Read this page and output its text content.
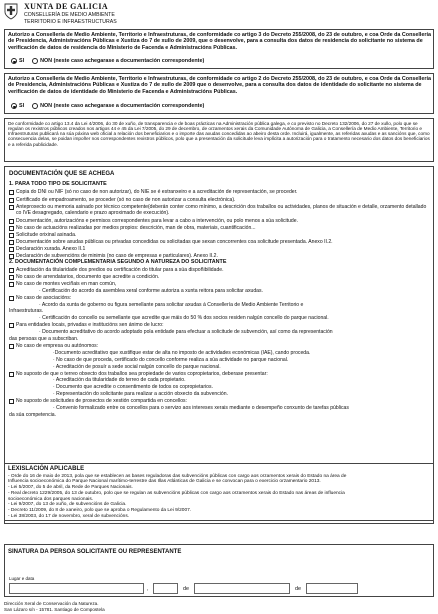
XUNTA DE GALICIA
CONSELLERÍA DE MEDIO AMBIENTE
TERRITORIO E INFRAESTRUCTURAS
Autorizo a Consellería de Medio Ambiente, Territorio e Infraestruturas, de conformidade co artigo 3 do Decreto 255/2008, do 23 de outubro, e coa Orde da Consellería de Presidencia, Administracións Públicas e Xustiza do 7 de xullo de 2009, que o desenvolve, para a consulta dos datos de residencia do solicitante no sistema de verificación de datos de residencia do Ministerio de Facenda e Administracións Públicas.
SI	NON (neste caso achegarase a documentación correspondente)
Autorizo a Consellería de Medio Ambiente, Territorio e Infraestruturas, de conformidade co artigo 2 do Decreto 255/2008, do 23 de outubro, e coa Orde da Consellería de Presidencia, Administracións Públicas e Xustiza do 7 de xullo de 2009 que o desenvolve, para a consulta dos datos de identidade do solicitante no sistema de verificación de datos de identidade do Ministerio de Facenda e Administracións Públicas.
SI	NON (neste caso achegarase a documentación correspondente)
De conformidade co artigo 13.4 da Lei 4/2006, do 30 de xuño, de transparencia e de boas prácticas na Administración pública galega, e co previsto no Decreto 132/2006, do 27 de xullo, polo que se regulan os rexistros públicos creados nos artigos 44 e 45 da Lei 7/2005, do 29 de decembro, de orzamentos xerais da Comunidade Autónoma de Galicia, a Consellería de Medio Ambiente, Territorio e Infraestruturas publicará na súa páxina web oficial a relación dos beneficiarios e o importe das axudas concedidas ao abeiro desta orde. Incluirá, igualmente, as referidas axudas e as sancións que, como consecuencia delas, se poidan impoñer nos correspondentes rexistros públicos, polo que a presentación da solicitude leva implícita a autorización para o tratamento necesario dos datos dos beneficiarios e a referida publicidade.
DOCUMENTACIÓN QUE SE ACHEGA
1. PARA TODO TIPO DE SOLICITANTE
Copia do DNI ou NIF (só no caso de non autorizar), do NIE se é estranxeiro e a acreditación de representación, se proceder.
Certificado de empadroamento, se proceder (só no caso de non autorizar a consulta electrónica).
Anteproxecto ou memoria asinado por técnico competente(deberán conter como mínimo, a descrición dos traballos ou actividades, planos de situación e detalle, orzamento detallado co IVE desagregado, calendario e prazo aproximado de execución).
Documentación, autorizacións e permisos correspondentes para levar a cabo a intervención, ou polo menos a súa solicitude.
No caso de actuacións realizadas por medios propios: descrición, man de obra, materiais, cuantificación...
Solicitude orixinal asinada.
Documentación sobre axudas públicas ou privadas concedidas ou solicitadas que sexan concorrentes coa solicitude presentada. Anexo II.2.
Declaración xurada. Anexo II.1
Declaración de subvencións de minimis (no caso de empresas e particulares). Anexo II.2.
2. DOCUMENTACIÓN COMPLEMENTARIA SEGUNDO A NATUREZA DO SOLICITANTE
Acreditación da titularidade dos predios ou certificación do titular para a súa dispoñibilidade.
No caso de arrendatarios, documento que acredite a condición.
No caso de montes veciñais en man común,
· Certificación do acordo da asemblea xeral conforme autoriza a xunta reitora para solicitar axudas.
No caso de asociacións:
· Acordo da xunta de goberno ou figura semellante para solicitar axudas á Consellería de Medio Ambiente Territorio e
Infraestruturas.
· Certificación do concello ou semellante que acredite que máis do 50 % dos socios residen nalgún concello do parque nacional.
Para entidades locais, privadas e institucións sen ánimo de lucro:
· Documento acreditativo do acordo adoptado pola entidade para efectuar a solicitude de subvención, así como da representación
das persoas que a subscriban.
No caso de empresa ou autónomos:
·Documento acreditativo que xustifique estar de alta no imposto de actividades económicas (IAE), cando proceda.
· No caso de que proceda, certificado do concello conforme realiza a súa actividade no parque nacional.
· Acreditación de posuír a sede social nalgún concello do parque nacional.
No suposto de que o terreo obxecto dos traballos sea propiedade de varios copropietarios, deberase presentar:
· Acreditación da titularidade do terreo de cada propietario.
· Documento que acredite o consentimento de todos os copropietarios.
· Representación do solicitante para realizar a acción obxecto da subvención.
No suposto de solicitudes de proxectos de xestión compartida en concellos:
· Convenio formalizado entre os concellos para o servizo aos intereses xerais mediante o desempeño conxunto de tarefas públicas
da súa competencia.
LEXISLACIÓN APLICABLE
- Orde do 16 de maio de 2013, pola que se establecen as bases reguladoras das subvencións públicas con cargo aos orzamentos xerais do Estado na área de
Influencia socioeconómica do Parque Nacional marítimo-terrestre das Illas Atlánticas de Galicia e se convocan para o exercicio orzamentario 2013.
- Lei 5/2007, do 5 de abril, da Rede de Parques Nacionais.
- Real decreto 1229/2005, do 13 de outubro, polo que se regulan as subvencións públicas con cargo aos orzamentos xerais do Estado nas áreas de influencia
socioeconómica dos parques nacionais.
- Lei 9/2007, do 13 de xuño, de subvencións de Galicia.
- Decreto 11/2009, do 8 de xaneiro, polo que se aproba o Regulamento da Lei 9/2007.
- Lei 38/2003, do 17 de novembro, xeral de subvencións.
SINATURA DA PERSOA SOLICITANTE OU REPRESENTANTE
Lugar e data
,	de	de
Dirección Xeral de Conservación da Natureza.
San Lázaro s/n - 15781. Santiago de Compostela
